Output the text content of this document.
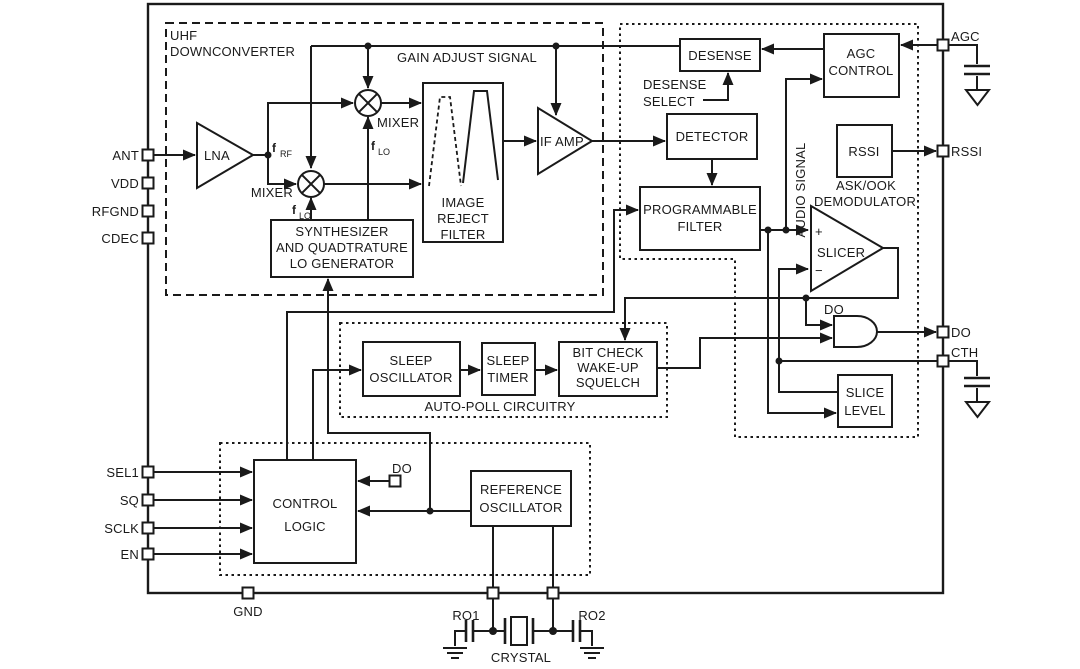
LNA
MIXER
MIXER
IMAGE
REJECT
FILTER
SYNTHESIZER
AND QUADTRATURE
LO GENERATOR
IF AMP
DESENSE	AGC
CONTROL
DETECTOR
RSSI
PROGRAMMABLE
FILTER	+
−
SLICER
DO
SLEEP
OSCILLATOR
SLEEP
TIMER
BIT CHECK
WAKE-UP
SQUELCH
SLICE
LEVEL
CONTROL
LOGIC
REFERENCE
OSCILLATOR
UHF
DOWNCONVERTER	GAIN ADJUST SIGNAL
AUTO-POLL CIRCUITRY
ASK/OOK
DEMODULATOR
AUDIO SIGNAL
DESENSE
SELECT
DO
f RF
f LO
f LO
ANT
VDD
RFGND
CDEC
SEL1
SQ
SCLK
EN
AGC
RSSI
DO
CTH
GND	RO1	RO2
CRYSTAL
